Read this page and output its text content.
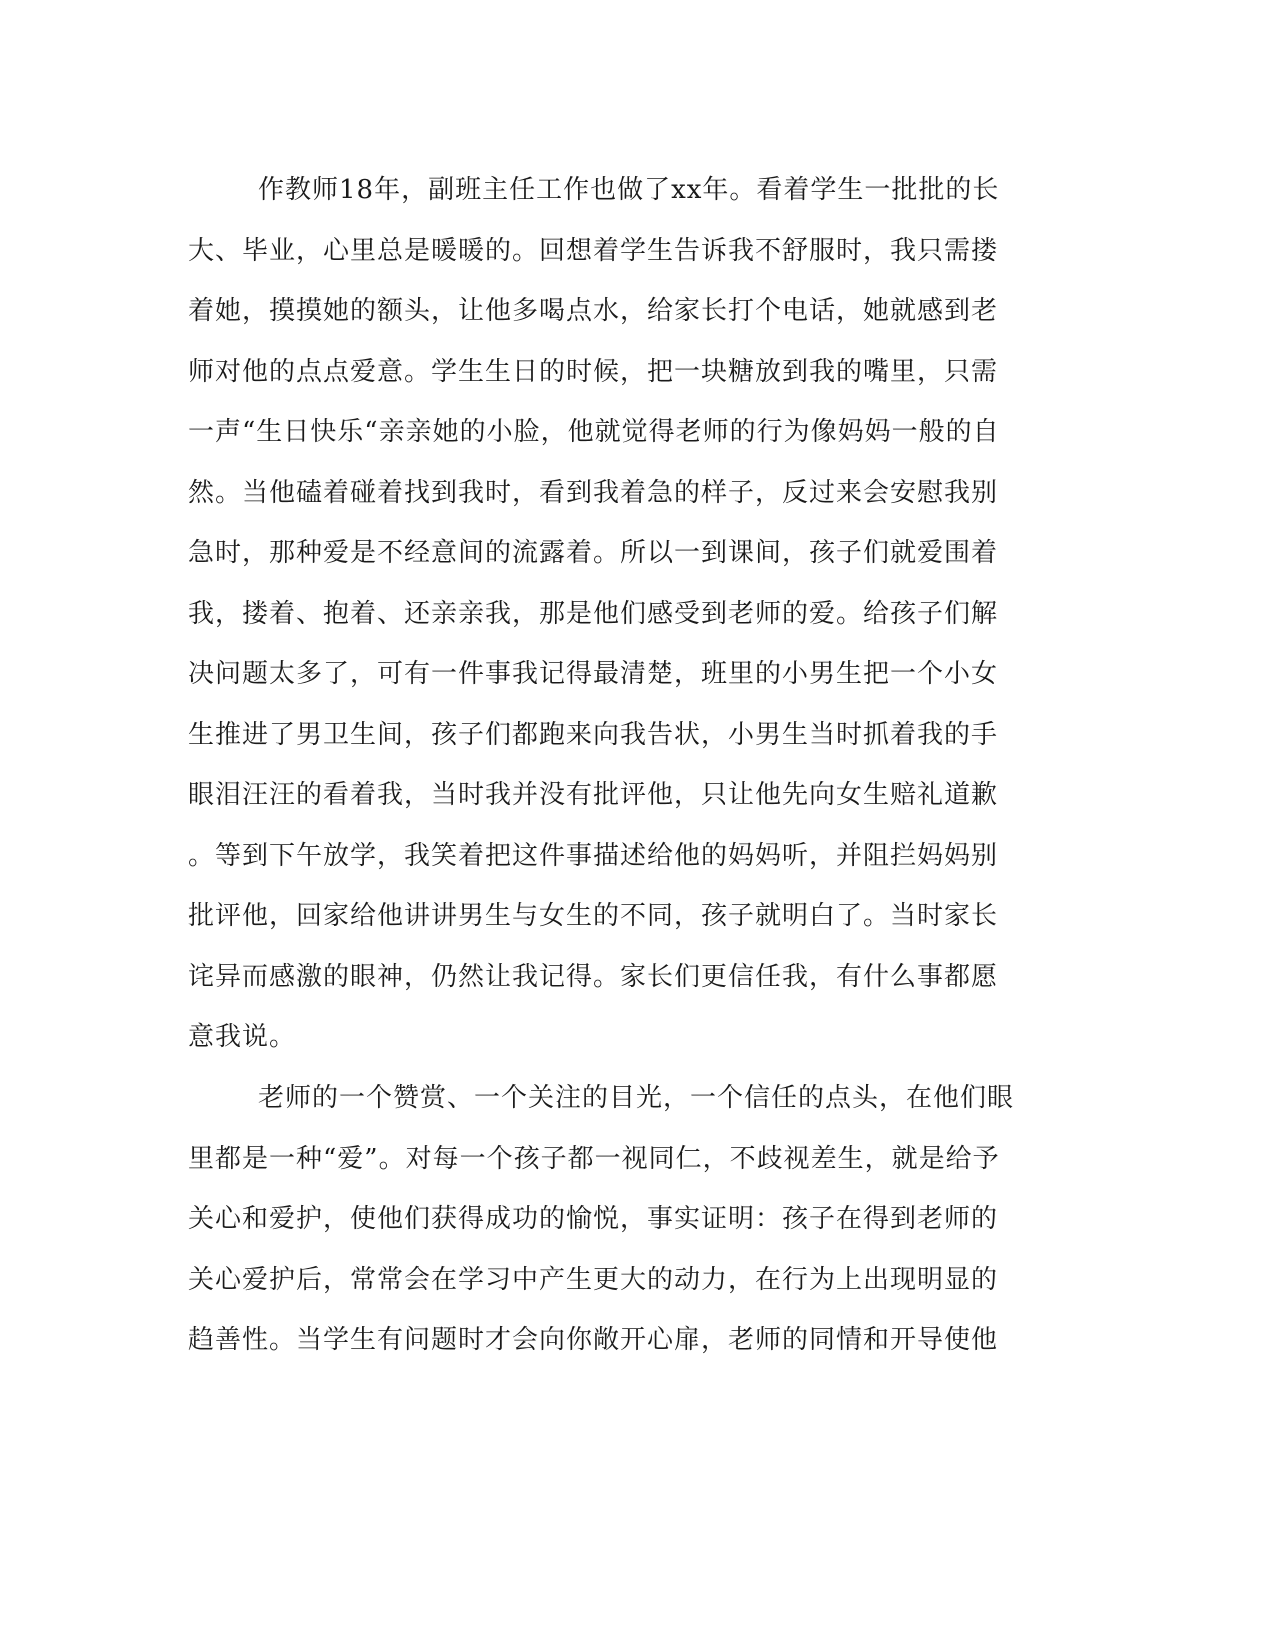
作教师18年，副班主任工作也做了xx年。看着学生一批批的长
大、毕业，心里总是暖暖的。回想着学生告诉我不舒服时，我只需搂
着她，摸摸她的额头，让他多喝点水，给家长打个电话，她就感到老
师对他的点点爱意。学生生日的时候，把一块糖放到我的嘴里，只需
一声“生日快乐“亲亲她的小脸，他就觉得老师的行为像妈妈一般的自
然。当他磕着碰着找到我时，看到我着急的样子，反过来会安慰我别
急时，那种爱是不经意间的流露着。所以一到课间，孩子们就爱围着
我，搂着、抱着、还亲亲我，那是他们感受到老师的爱。给孩子们解
决问题太多了，可有一件事我记得最清楚，班里的小男生把一个小女
生推进了男卫生间，孩子们都跑来向我告状，小男生当时抓着我的手
眼泪汪汪的看着我，当时我并没有批评他，只让他先向女生赔礼道歉
。等到下午放学，我笑着把这件事描述给他的妈妈听，并阻拦妈妈别
批评他，回家给他讲讲男生与女生的不同，孩子就明白了。当时家长
诧异而感激的眼神，仍然让我记得。家长们更信任我，有什么事都愿
意我说。
老师的一个赞赏、一个关注的目光，一个信任的点头，在他们眼
里都是一种“爱”。对每一个孩子都一视同仁，不歧视差生，就是给予
关心和爱护，使他们获得成功的愉悦，事实证明：孩子在得到老师的
关心爱护后，常常会在学习中产生更大的动力，在行为上出现明显的
趋善性。当学生有问题时才会向你敞开心扉，老师的同情和开导使他
